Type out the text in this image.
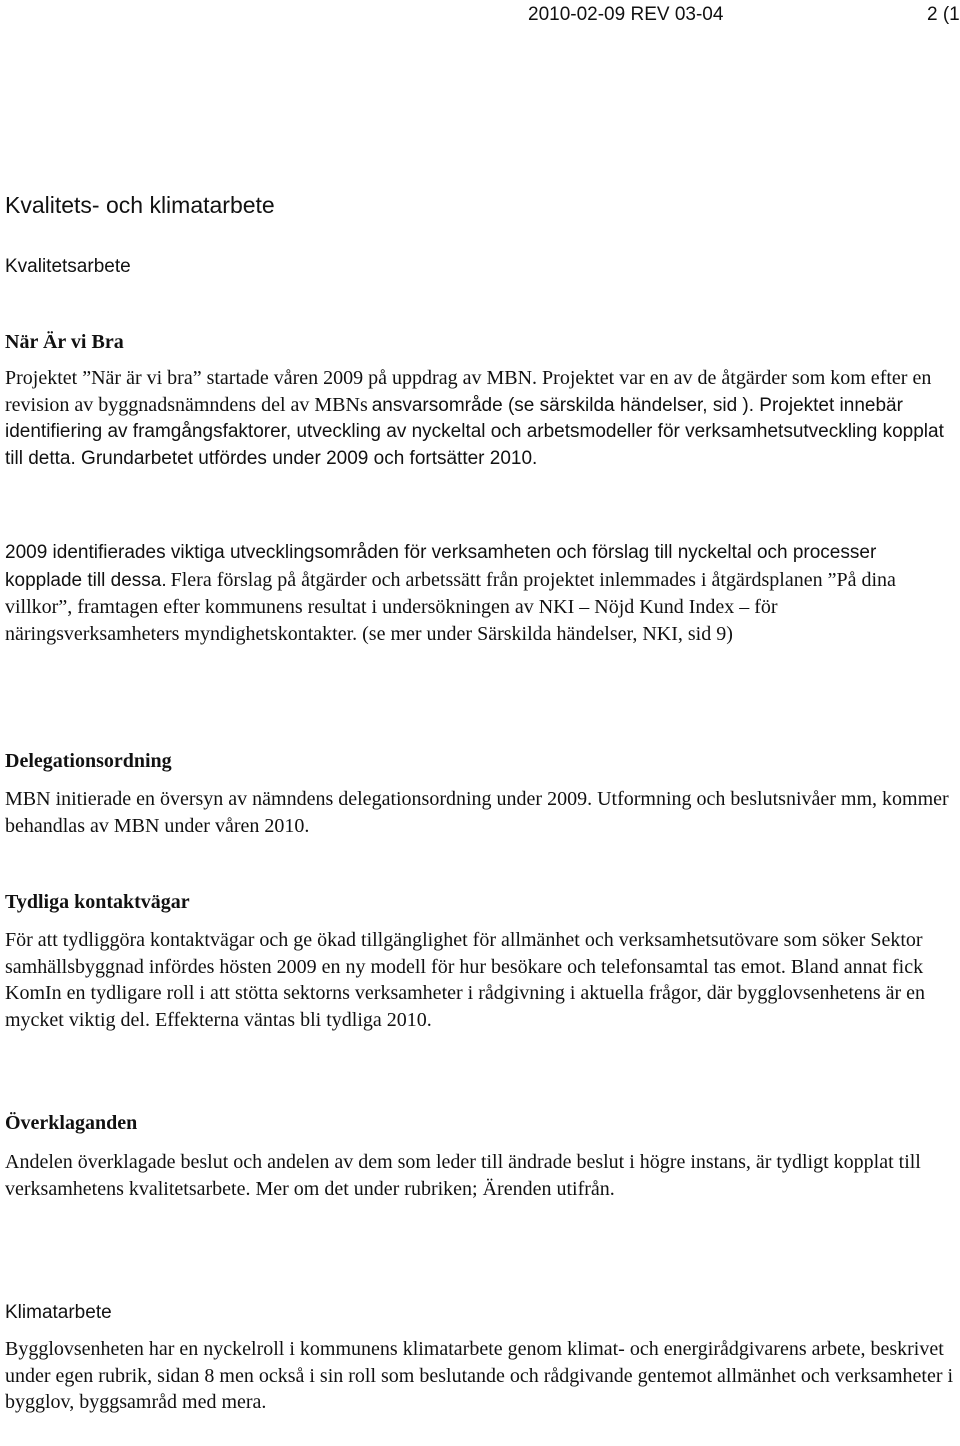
2010-02-09 REV 03-04	2 (1
Kvalitets- och klimatarbete
Kvalitetsarbete
När Är vi Bra
Projektet ”När är vi bra” startade våren 2009 på uppdrag av MBN. Projektet var en av de åtgärder som kom efter en revision av byggnadsnämndens del av MBNs ansvarsområde (se särskilda händelser, sid ). Projektet innebär identifiering av framgångsfaktorer, utveckling av nyckeltal och arbetsmodeller för verksamhetsutveckling kopplat till detta. Grundarbetet utfördes under 2009 och fortsätter 2010.
2009 identifierades viktiga utvecklingsområden för verksamheten och förslag till nyckeltal och processer kopplade till dessa. Flera förslag på åtgärder och arbetssätt från projektet inlemmades i åtgärdsplanen ”På dina villkor”, framtagen efter kommunens resultat i undersökningen av NKI – Nöjd Kund Index – för näringsverksamheters myndighetskontakter. (se mer under Särskilda händelser, NKI, sid 9)
Delegationsordning

MBN initierade en översyn av nämndens delegationsordning under 2009. Utformning och beslutsnivåer mm, kommer behandlas av MBN under våren 2010.

Tydliga kontaktvägar

För att tydliggöra kontaktvägar och ge ökad tillgänglighet för allmänhet och verksamhetsutövare som söker Sektor samhällsbyggnad infördes hösten 2009 en ny modell för hur besökare och telefonsamtal tas emot. Bland annat fick KomIn en tydligare roll i att stötta sektorns verksamheter i rådgivning i aktuella frågor, där bygglovsenhetens är en mycket viktig del. Effekterna väntas bli tydliga 2010.

Överklaganden

Andelen överklagade beslut och andelen av dem som leder till ändrade beslut i högre instans, är tydligt kopplat till verksamhetens kvalitetsarbete. Mer om det under rubriken; Ärenden utifrån.

Klimatarbete

Bygglovsenheten har en nyckelroll i kommunens klimatarbete genom klimat- och energirådgivarens arbete, beskrivet under egen rubrik, sidan 8 men också i sin roll som beslutande och rådgivande gentemot allmänhet och verksamheter i bygglov, byggsamråd med mera.
